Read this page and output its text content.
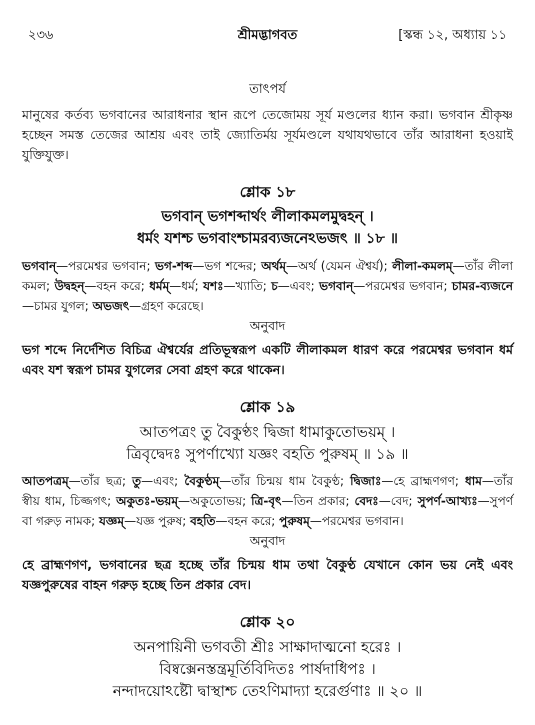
২৩৬	শ্রীমদ্ভাগবত	[স্কন্ধ ১২, অধ্যায় ১১
তাৎপর্য

মানুষের কর্তব্য ভগবানের আরাধনার স্থান রূপে তেজোময় সূর্য মণ্ডলের ধ্যান করা। ভগবান শ্রীকৃষ্ণ হচ্ছেন সমস্ত তেজের আশ্রয় এবং তাই জ্যোতির্ময় সূর্যমণ্ডলে যথাযথভাবে তাঁর আরাধনা হওয়াই যুক্তিযুক্ত।

শ্লোক ১৮
ভগবান্ ভগশব্দার্থং লীলাকমলমুদ্বহন্ ।
ধর্মং যশশ্চ ভগবাংশ্চামরব্যজনেঽভজৎ ॥ ১৮ ॥
ভগবান্—পরমেশ্বর ভগবান; ভগ-শব্দ—ভগ শব্দের; অর্থম্—অর্থ (যেমন ঐশ্বর্য); লীলা-কমলম্—তাঁর লীলা কমল; উদ্বহন্—বহন করে; ধর্মম্—ধর্ম; যশঃ—খ্যাতি; চ—এবং; ভগবান্—পরমেশ্বর ভগবান; চামর-ব্যজনে—চামর যুগল; অভজৎ—গ্রহণ করেছে।
অনুবাদ
ভগ শব্দে নির্দেশিত বিচিত্র ঐশ্বর্যের প্রতিভূস্বরূপ একটি লীলাকমল ধারণ করে পরমেশ্বর ভগবান ধর্ম এবং যশ স্বরূপ চামর যুগলের সেবা গ্রহণ করে থাকেন।
শ্লোক ১৯
আতপত্রং তু বৈকুণ্ঠং দ্বিজা ধামাকুতোভয়ম্ ।
ত্রিবৃদ্বেদঃ সুপর্ণাখ্যো যজ্ঞং বহতি পুরুষম্ ॥ ১৯ ॥
আতপত্রম্—তাঁর ছত্র; তু—এবং; বৈকুণ্ঠম্—তাঁর চিন্ময় ধাম বৈকুণ্ঠ; দ্বিজাঃ—হে ব্রাহ্মণগণ; ধাম—তাঁর স্বীয় ধাম, চিজ্জগৎ; অকুতঃ-ভয়ম্—অকুতোভয়; ত্রি-বৃৎ—তিন প্রকার; বেদঃ—বেদ; সুপর্ণ-আখ্যঃ—সুপর্ণ বা গরুড় নামক; যজ্ঞম্—যজ্ঞ পুরুষ; বহতি—বহন করে; পুরুষম্—পরমেশ্বর ভগবান।
অনুবাদ
হে ব্রাহ্মণগণ, ভগবানের ছত্র হচ্ছে তাঁর চিন্ময় ধাম তথা বৈকুণ্ঠ যেখানে কোন ভয় নেই এবং যজ্ঞপুরুষের বাহন গরুড় হচ্ছে তিন প্রকার বেদ।
শ্লোক ২০
অনপায়িনী ভগবতী শ্রীঃ সাক্ষাদাত্মনো হরেঃ ।
বিষ্বক্সেনস্তন্ত্রমূর্তিবিদিতঃ পার্ষদাধিপঃ ।
নন্দাদয়োঽষ্টৌ দ্বাস্থাশ্চ তেঽণিমাদ্যা হরের্গুণাঃ ॥ ২০ ॥
